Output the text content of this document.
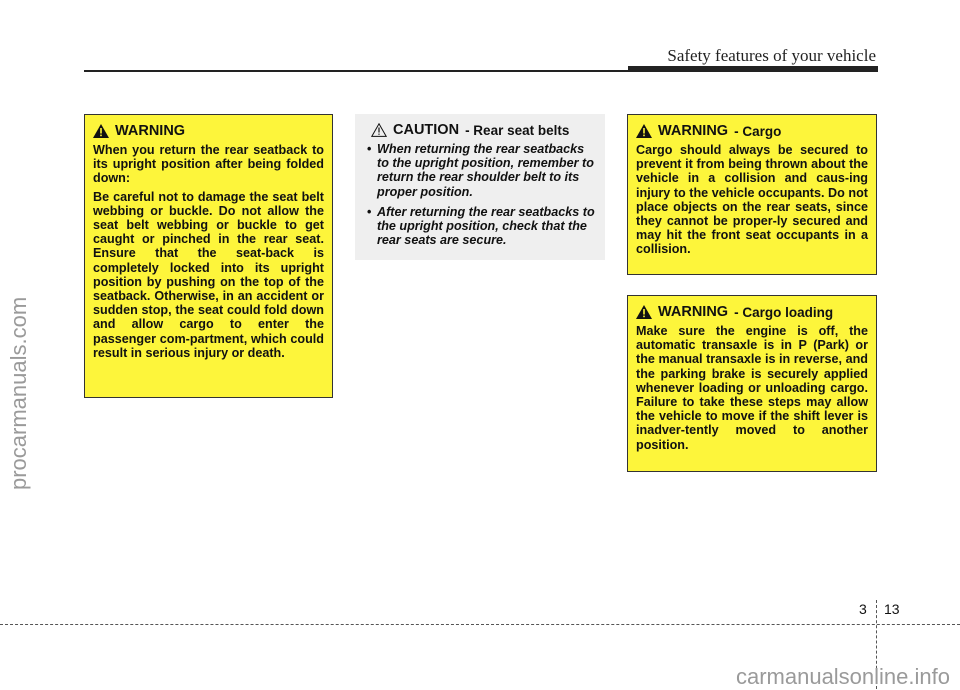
Safety features of your vehicle
WARNING

When you return the rear seatback to its upright position after being folded down:

Be careful not to damage the seat belt webbing or buckle. Do not allow the seat belt webbing or buckle to get caught or pinched in the rear seat. Ensure that the seat-back is completely locked into its upright position by pushing on the top of the seatback. Otherwise, in an accident or sudden stop, the seat could fold down and allow cargo to enter the passenger com-partment, which could result in serious injury or death.

CAUTION - Rear seat belts
• When returning the rear seatbacks to the upright position, remember to return the rear shoulder belt to its proper position.
• After returning the rear seatbacks to the upright position, check that the rear seats are secure.
WARNING - Cargo

Cargo should always be secured to prevent it from being thrown about the vehicle in a collision and caus-ing injury to the vehicle occupants. Do not place objects on the rear seats, since they cannot be proper-ly secured and may hit the front seat occupants in a collision.

WARNING - Cargo loading

Make sure the engine is off, the automatic transaxle is in P (Park) or the manual transaxle is in reverse, and the parking brake is securely applied whenever loading or unloading cargo. Failure to take these steps may allow the vehicle to move if the shift lever is inadver-tently moved to another position.

3 13
procarmanuals.com
carmanualsonline.info
